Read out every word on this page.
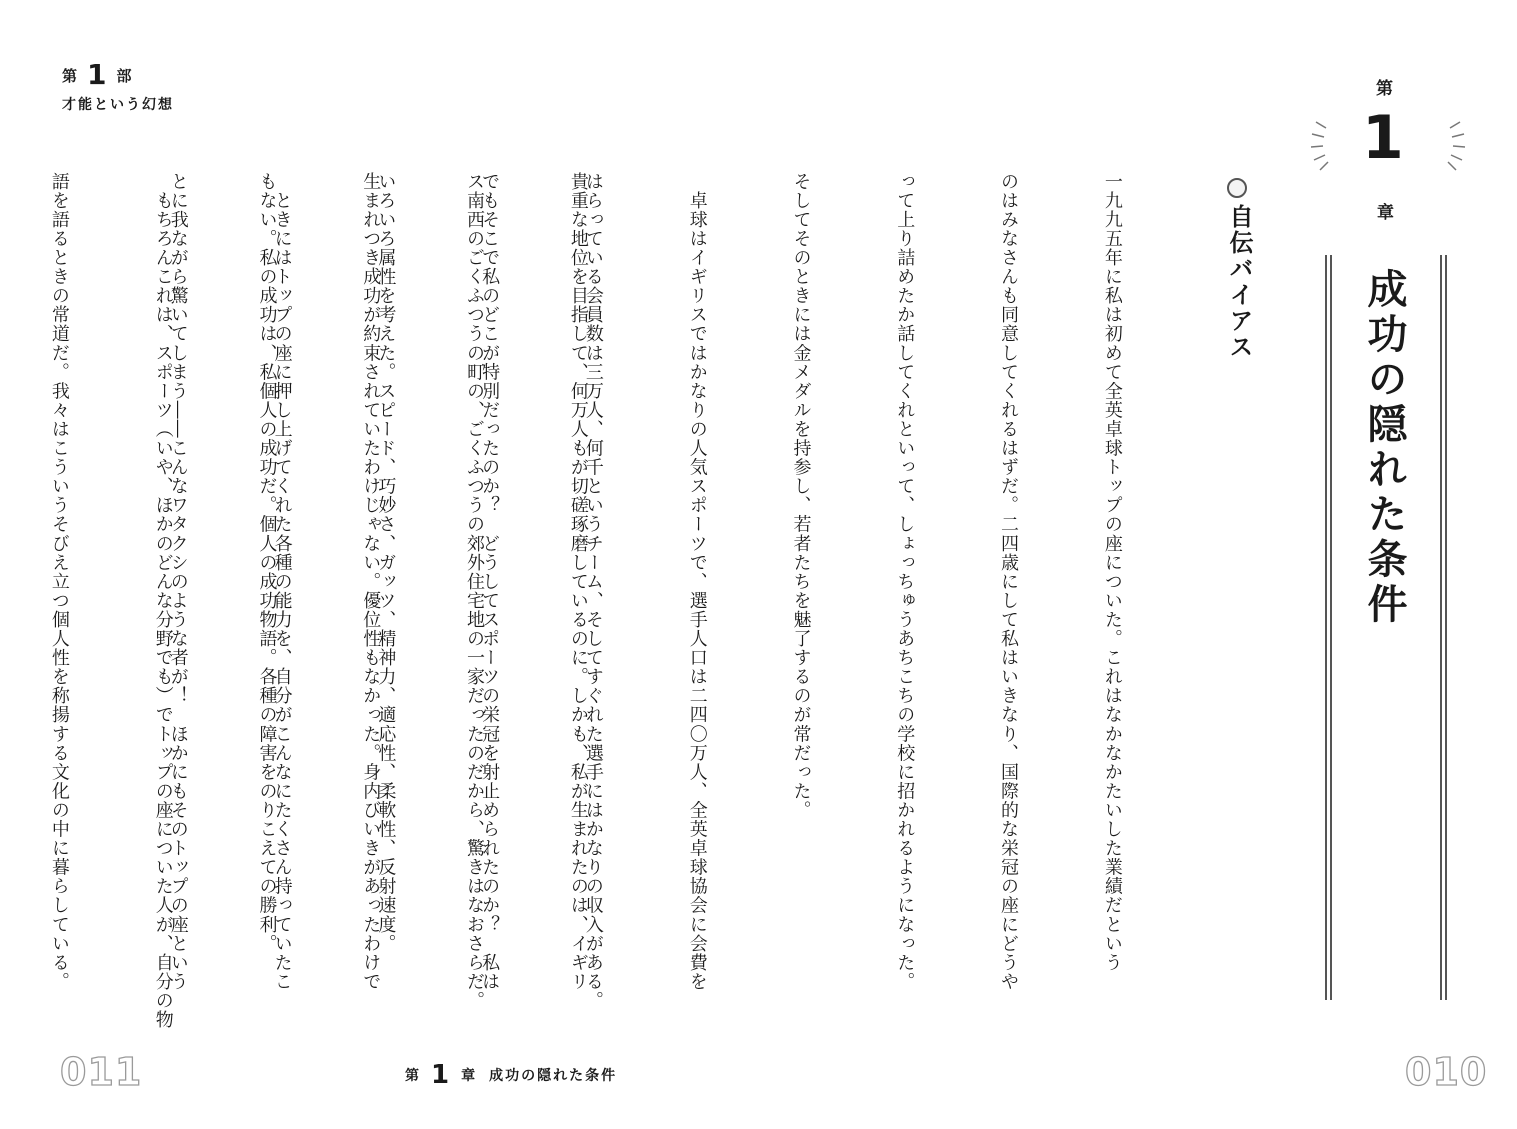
第 1 部
才能という幻想
第
1
章
成功の隠れた条件
自伝バイアス

一九九五年に私は初めて全英卓球トップの座についた。これはなかなかたいした業績だという

のはみなさんも同意してくれるはずだ。二四歳にして私はいきなり、国際的な栄冠の座にどうや

って上り詰めたか話してくれといって、しょっちゅうあちこちの学校に招かれるようになった。

そしてそのときには金メダルを持参し、若者たちを魅了するのが常だった。

　卓球はイギリスではかなりの人気スポーツで、選手人口は二四〇万人、全英卓球協会に会費を

はらっている会員数は三万人、何千というチーム、そしてすぐれた選手にはかなりの収入がある。

でもそこで私のどこが特別だったのか？　どうしてスポーツの栄冠を射止められたのか？　私は

いろいろ属性を考えた。スピード、巧妙さ、ガッツ、精神力、適応性、柔軟性、反射速度。

　ときにはトップの座に押し上げてくれた各種の能力を、自分がこんなにたくさん持っていたこ

とに我ながら驚いてしまう――こんなワタクシのような者が！　ほかにもそのトップの座という

	貴重な地位を目指して、何万人もが切磋琢磨しているのに。しかも、私が生まれたのは、イギリ

ス南西のごくふつうの町の、ごくふつうの郊外住宅地の一家だったのだから、驚きはなおさらだ。

生まれつき成功が約束されていたわけじゃない。優位性もなかった。身内びいきがあったわけで

もない。私の成功は、私個人の成功だ。個人の成功物語。各種の障害をのりこえての勝利。

　もちろんこれは、スポーツ（いや、ほかのどんな分野でも）でトップの座についた人が、自分の物

語を語るときの常道だ。我々はこういうそびえ立つ個人性を称揚する文化の中に暮らしている。

011	第 1 章 成功の隠れた条件	010
